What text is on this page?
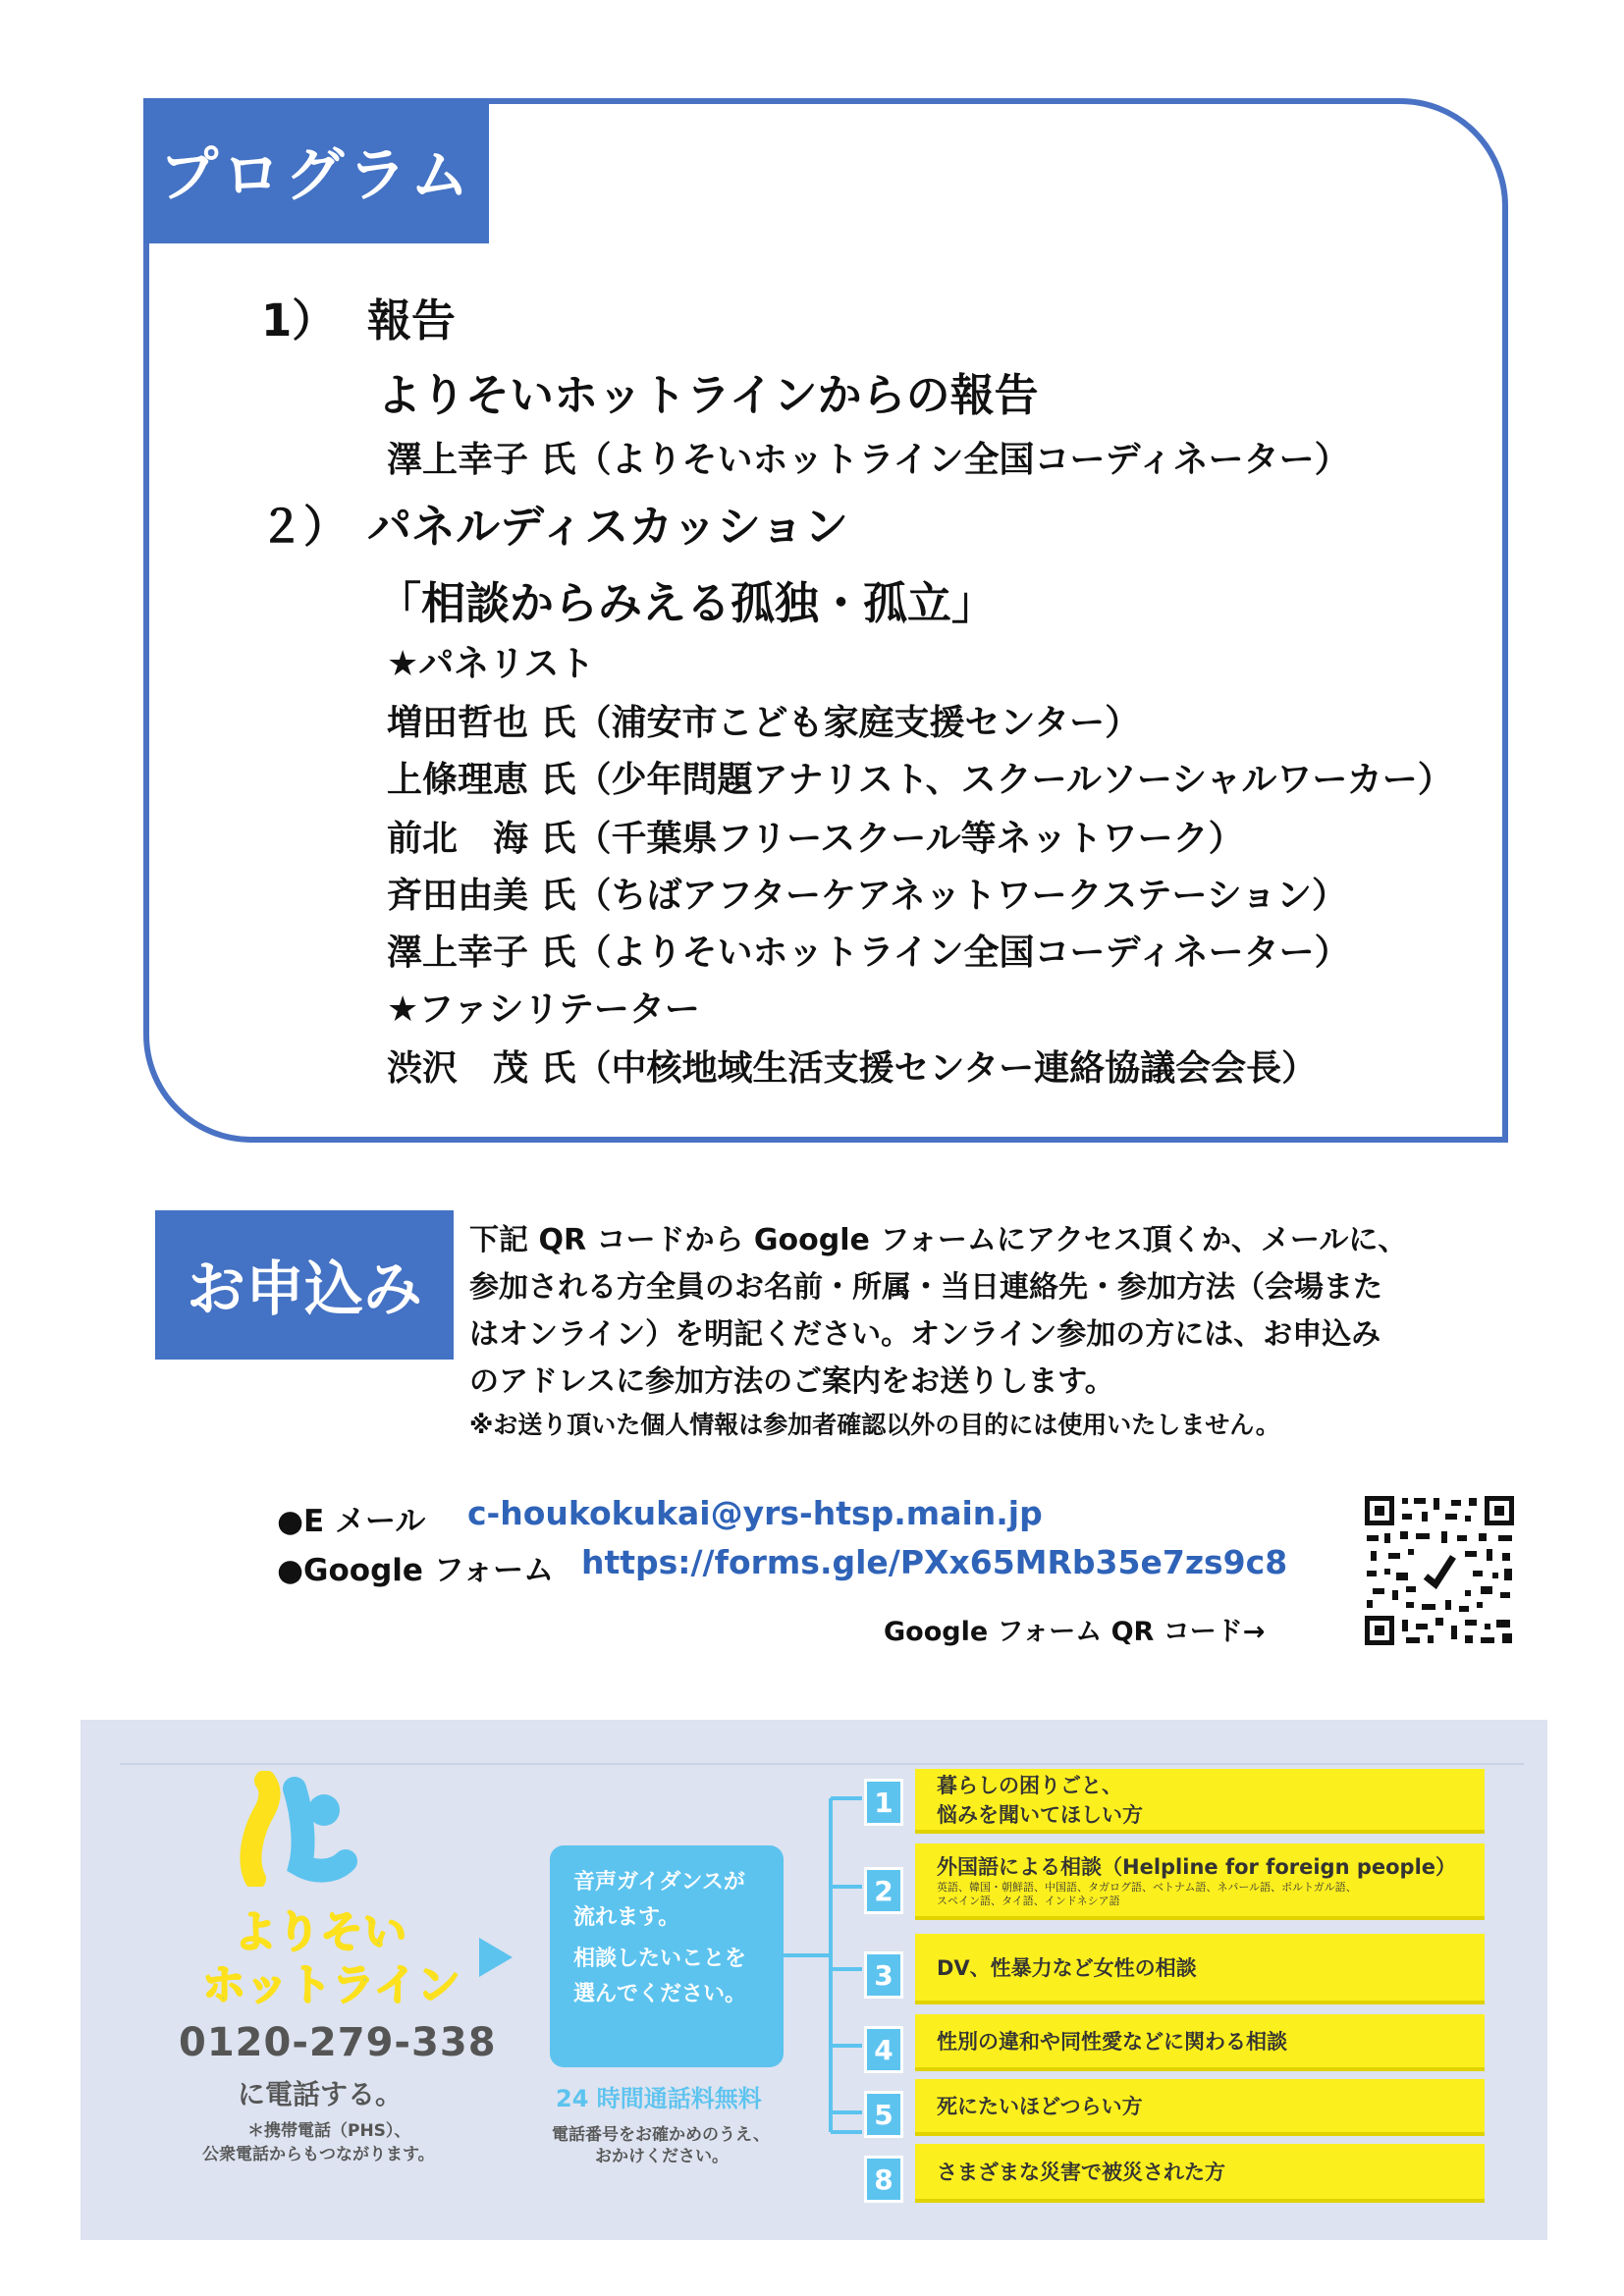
プログラム
1） 報告
よりそいホットラインからの報告
澤上幸子 氏（よりそいホットライン全国コーディネーター）
２） パネルディスカッション
「相談からみえる孤独・孤立」
★パネリスト
増田哲也 氏（浦安市こども家庭支援センター）
上條理恵 氏（少年問題アナリスト、スクールソーシャルワーカー）
前北　海 氏（千葉県フリースクール等ネットワーク）
斉田由美 氏（ちばアフターケアネットワークステーション）
澤上幸子 氏（よりそいホットライン全国コーディネーター）
★ファシリテーター
渋沢　茂 氏（中核地域生活支援センター連絡協議会会長）
お申込み
下記 QR コードから Google フォームにアクセス頂くか、メールに、
参加される方全員のお名前・所属・当日連絡先・参加方法（会場また
はオンライン）を明記ください。オンライン参加の方には、お申込み
のアドレスに参加方法のご案内をお送りします。
※お送り頂いた個人情報は参加者確認以外の目的には使用いたしません。
●E メール c-houkokukai@yrs-htsp.main.jp
●Google フォーム https://forms.gle/PXx65MRb35e7zs9c8
Google フォーム QR コード→
よりそい
ホットライン
0120-279-338
に電話する。
＊携帯電話（PHS）、
公衆電話からもつながります。
音声ガイダンスが
流れます。
相談したいことを
選んでください。
24 時間通話料無料
電話番号をお確かめのうえ、
おかけください。
1
暮らしの困りごと、
悩みを聞いてほしい方
2
外国語による相談（Helpline for foreign people）
英語、韓国・朝鮮語、中国語、タガログ語、ベトナム語、ネパール語、ポルトガル語、
スペイン語、タイ語、インドネシア語
3	DV、性暴力など女性の相談
4	性別の違和や同性愛などに関わる相談
5	死にたいほどつらい方
8	さまざまな災害で被災された方
